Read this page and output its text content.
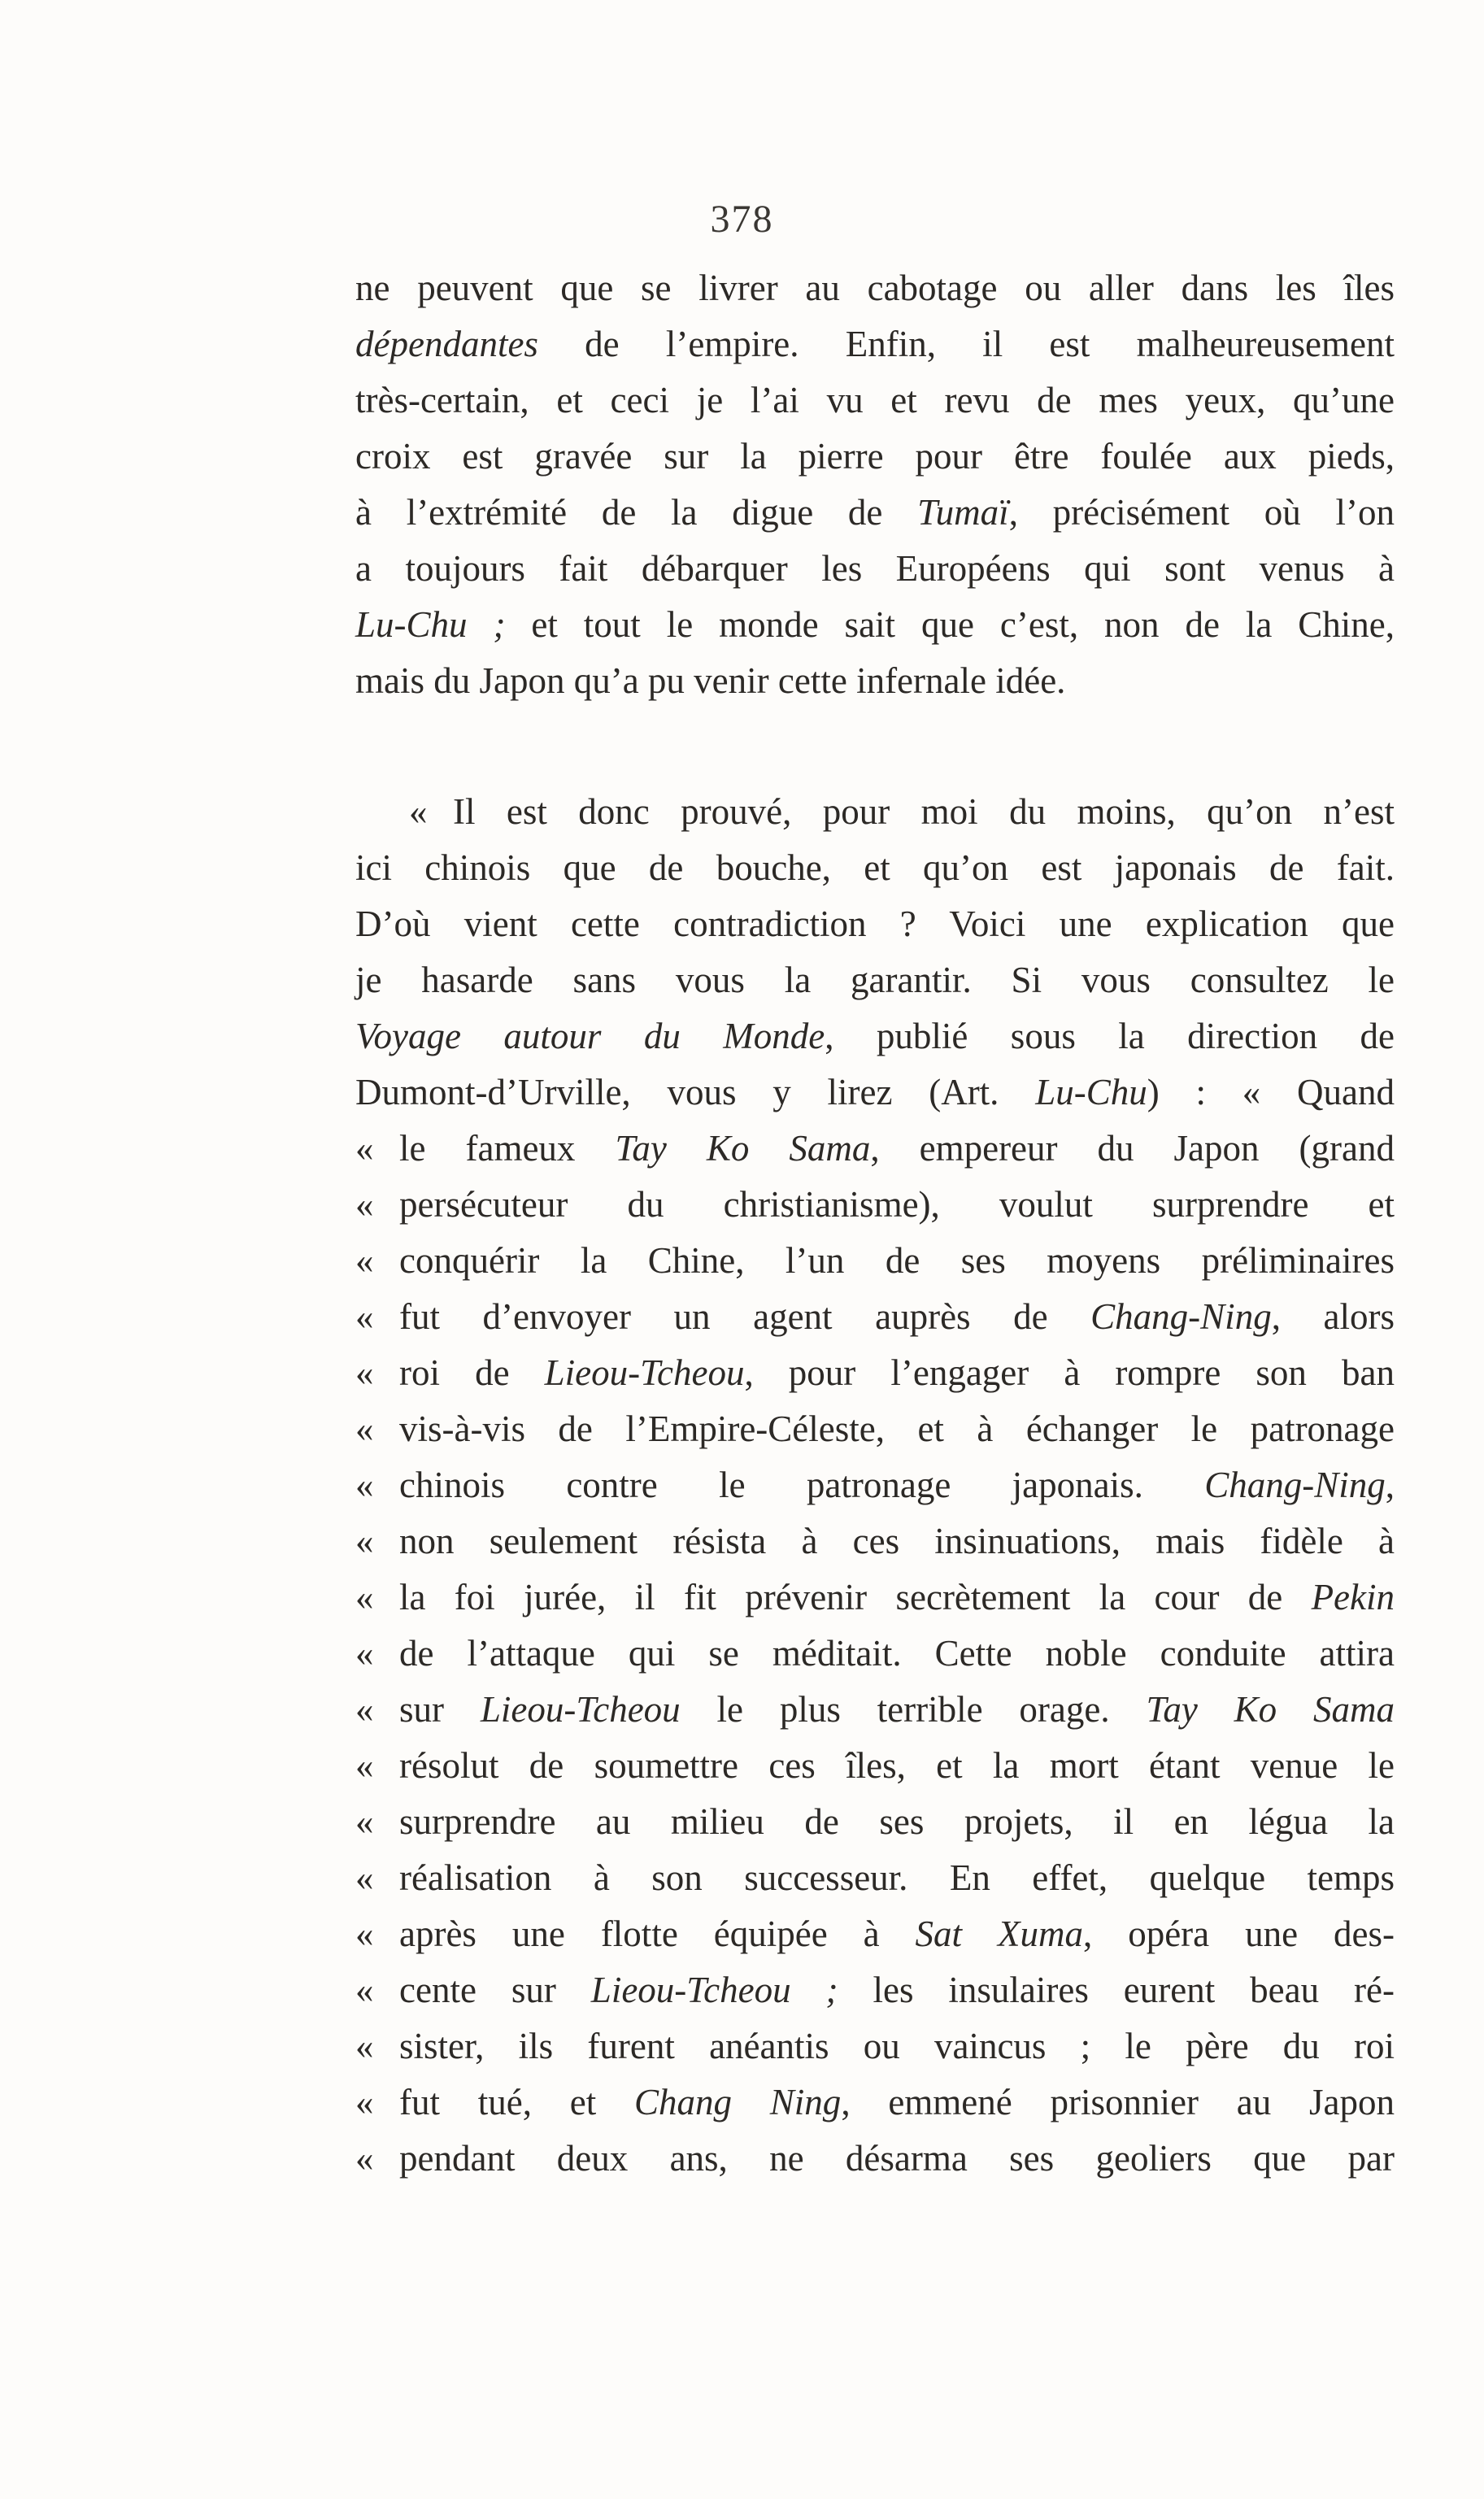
378
ne peuvent que se livrer au cabotage ou aller dans les îles
dépendantes de l’empire. Enfin, il est malheureusement
très-certain, et ceci je l’ai vu et revu de mes yeux, qu’une
croix est gravée sur la pierre pour être foulée aux pieds,
à l’extrémité de la digue de Tumaï, précisément où l’on
a toujours fait débarquer les Européens qui sont venus à
Lu-Chu ; et tout le monde sait que c’est, non de la Chine,
mais du Japon qu’a pu venir cette infernale idée.
« Il est donc prouvé, pour moi du moins, qu’on n’est
ici chinois que de bouche, et qu’on est japonais de fait.
D’où vient cette contradiction ? Voici une explication que
je hasarde sans vous la garantir. Si vous consultez le
Voyage autour du Monde, publié sous la direction de
Dumont-d’Urville, vous y lirez (Art. Lu-Chu) : « Quand
« le fameux Tay Ko Sama, empereur du Japon (grand
« persécuteur du christianisme), voulut surprendre et
« conquérir la Chine, l’un de ses moyens préliminaires
« fut d’envoyer un agent auprès de Chang-Ning, alors
« roi de Lieou-Tcheou, pour l’engager à rompre son ban
« vis-à-vis de l’Empire-Céleste, et à échanger le patronage
« chinois contre le patronage japonais. Chang-Ning,
« non seulement résista à ces insinuations, mais fidèle à
« la foi jurée, il fit prévenir secrètement la cour de Pekin
« de l’attaque qui se méditait. Cette noble conduite attira
« sur Lieou-Tcheou le plus terrible orage. Tay Ko Sama
« résolut de soumettre ces îles, et la mort étant venue le
« surprendre au milieu de ses projets, il en légua la
« réalisation à son successeur. En effet, quelque temps
« après une flotte équipée à Sat Xuma, opéra une des-
« cente sur Lieou-Tcheou ; les insulaires eurent beau ré-
« sister, ils furent anéantis ou vaincus ; le père du roi
« fut tué, et Chang Ning, emmené prisonnier au Japon
« pendant deux ans, ne désarma ses geoliers que par
